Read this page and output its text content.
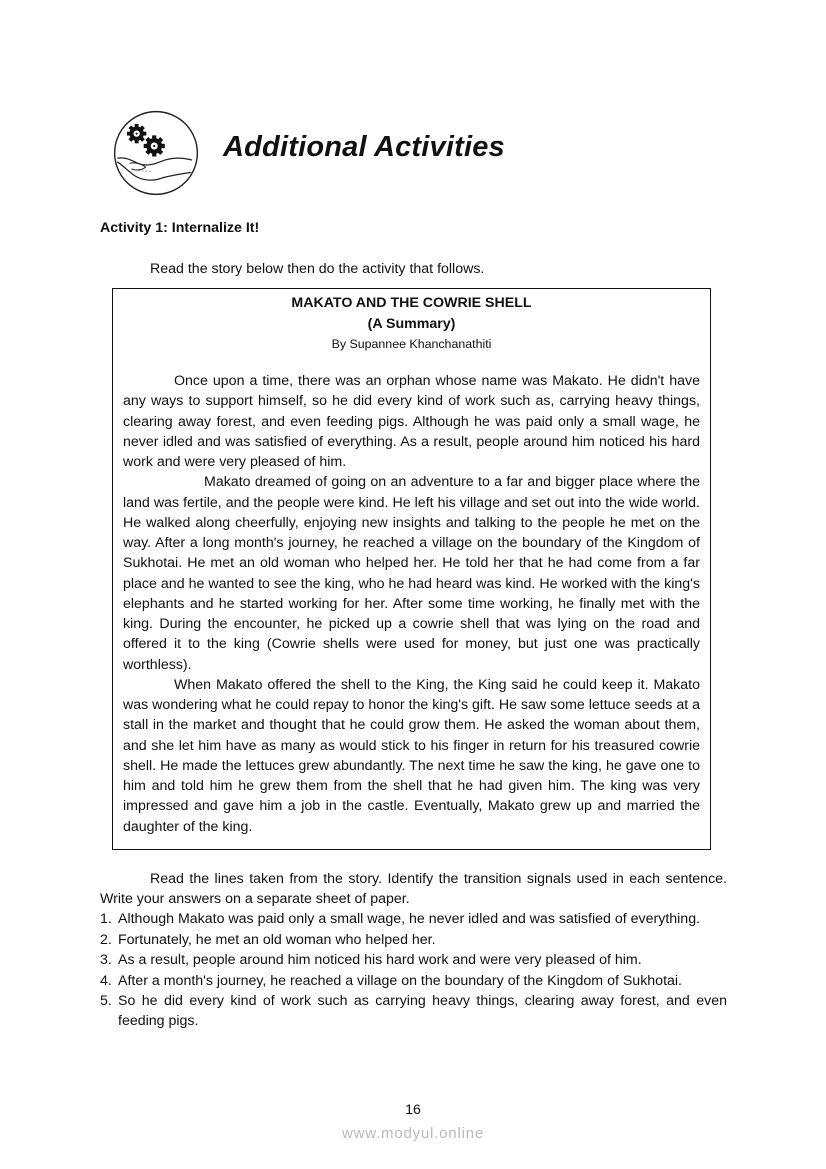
Additional Activities
Activity 1: Internalize It!

Read the story below then do the activity that follows.

MAKATO AND THE COWRIE SHELL

(A Summary)

By Supannee Khanchanathiti

Once upon a time, there was an orphan whose name was Makato. He didn't have any ways to support himself, so he did every kind of work such as, carrying heavy things, clearing away forest, and even feeding pigs. Although he was paid only a small wage, he never idled and was satisfied of everything. As a result, people around him noticed his hard work and were very pleased of him.

Makato dreamed of going on an adventure to a far and bigger place where the land was fertile, and the people were kind. He left his village and set out into the wide world. He walked along cheerfully, enjoying new insights and talking to the people he met on the way. After a long month's journey, he reached a village on the boundary of the Kingdom of Sukhotai. He met an old woman who helped her. He told her that he had come from a far place and he wanted to see the king, who he had heard was kind. He worked with the king's elephants and he started working for her. After some time working, he finally met with the king. During the encounter, he picked up a cowrie shell that was lying on the road and offered it to the king (Cowrie shells were used for money, but just one was practically worthless).

When Makato offered the shell to the King, the King said he could keep it. Makato was wondering what he could repay to honor the king's gift. He saw some lettuce seeds at a stall in the market and thought that he could grow them. He asked the woman about them, and she let him have as many as would stick to his finger in return for his treasured cowrie shell. He made the lettuces grew abundantly. The next time he saw the king, he gave one to him and told him he grew them from the shell that he had given him. The king was very impressed and gave him a job in the castle. Eventually, Makato grew up and married the daughter of the king.

Read the lines taken from the story. Identify the transition signals used in each sentence. Write your answers on a separate sheet of paper.

1. Although Makato was paid only a small wage, he never idled and was satisfied of everything.
2. Fortunately, he met an old woman who helped her.
3. As a result, people around him noticed his hard work and were very pleased of him.
4. After a month's journey, he reached a village on the boundary of the Kingdom of Sukhotai.
5. So he did every kind of work such as carrying heavy things, clearing away forest, and even feeding pigs.

16

www.modyul.online
